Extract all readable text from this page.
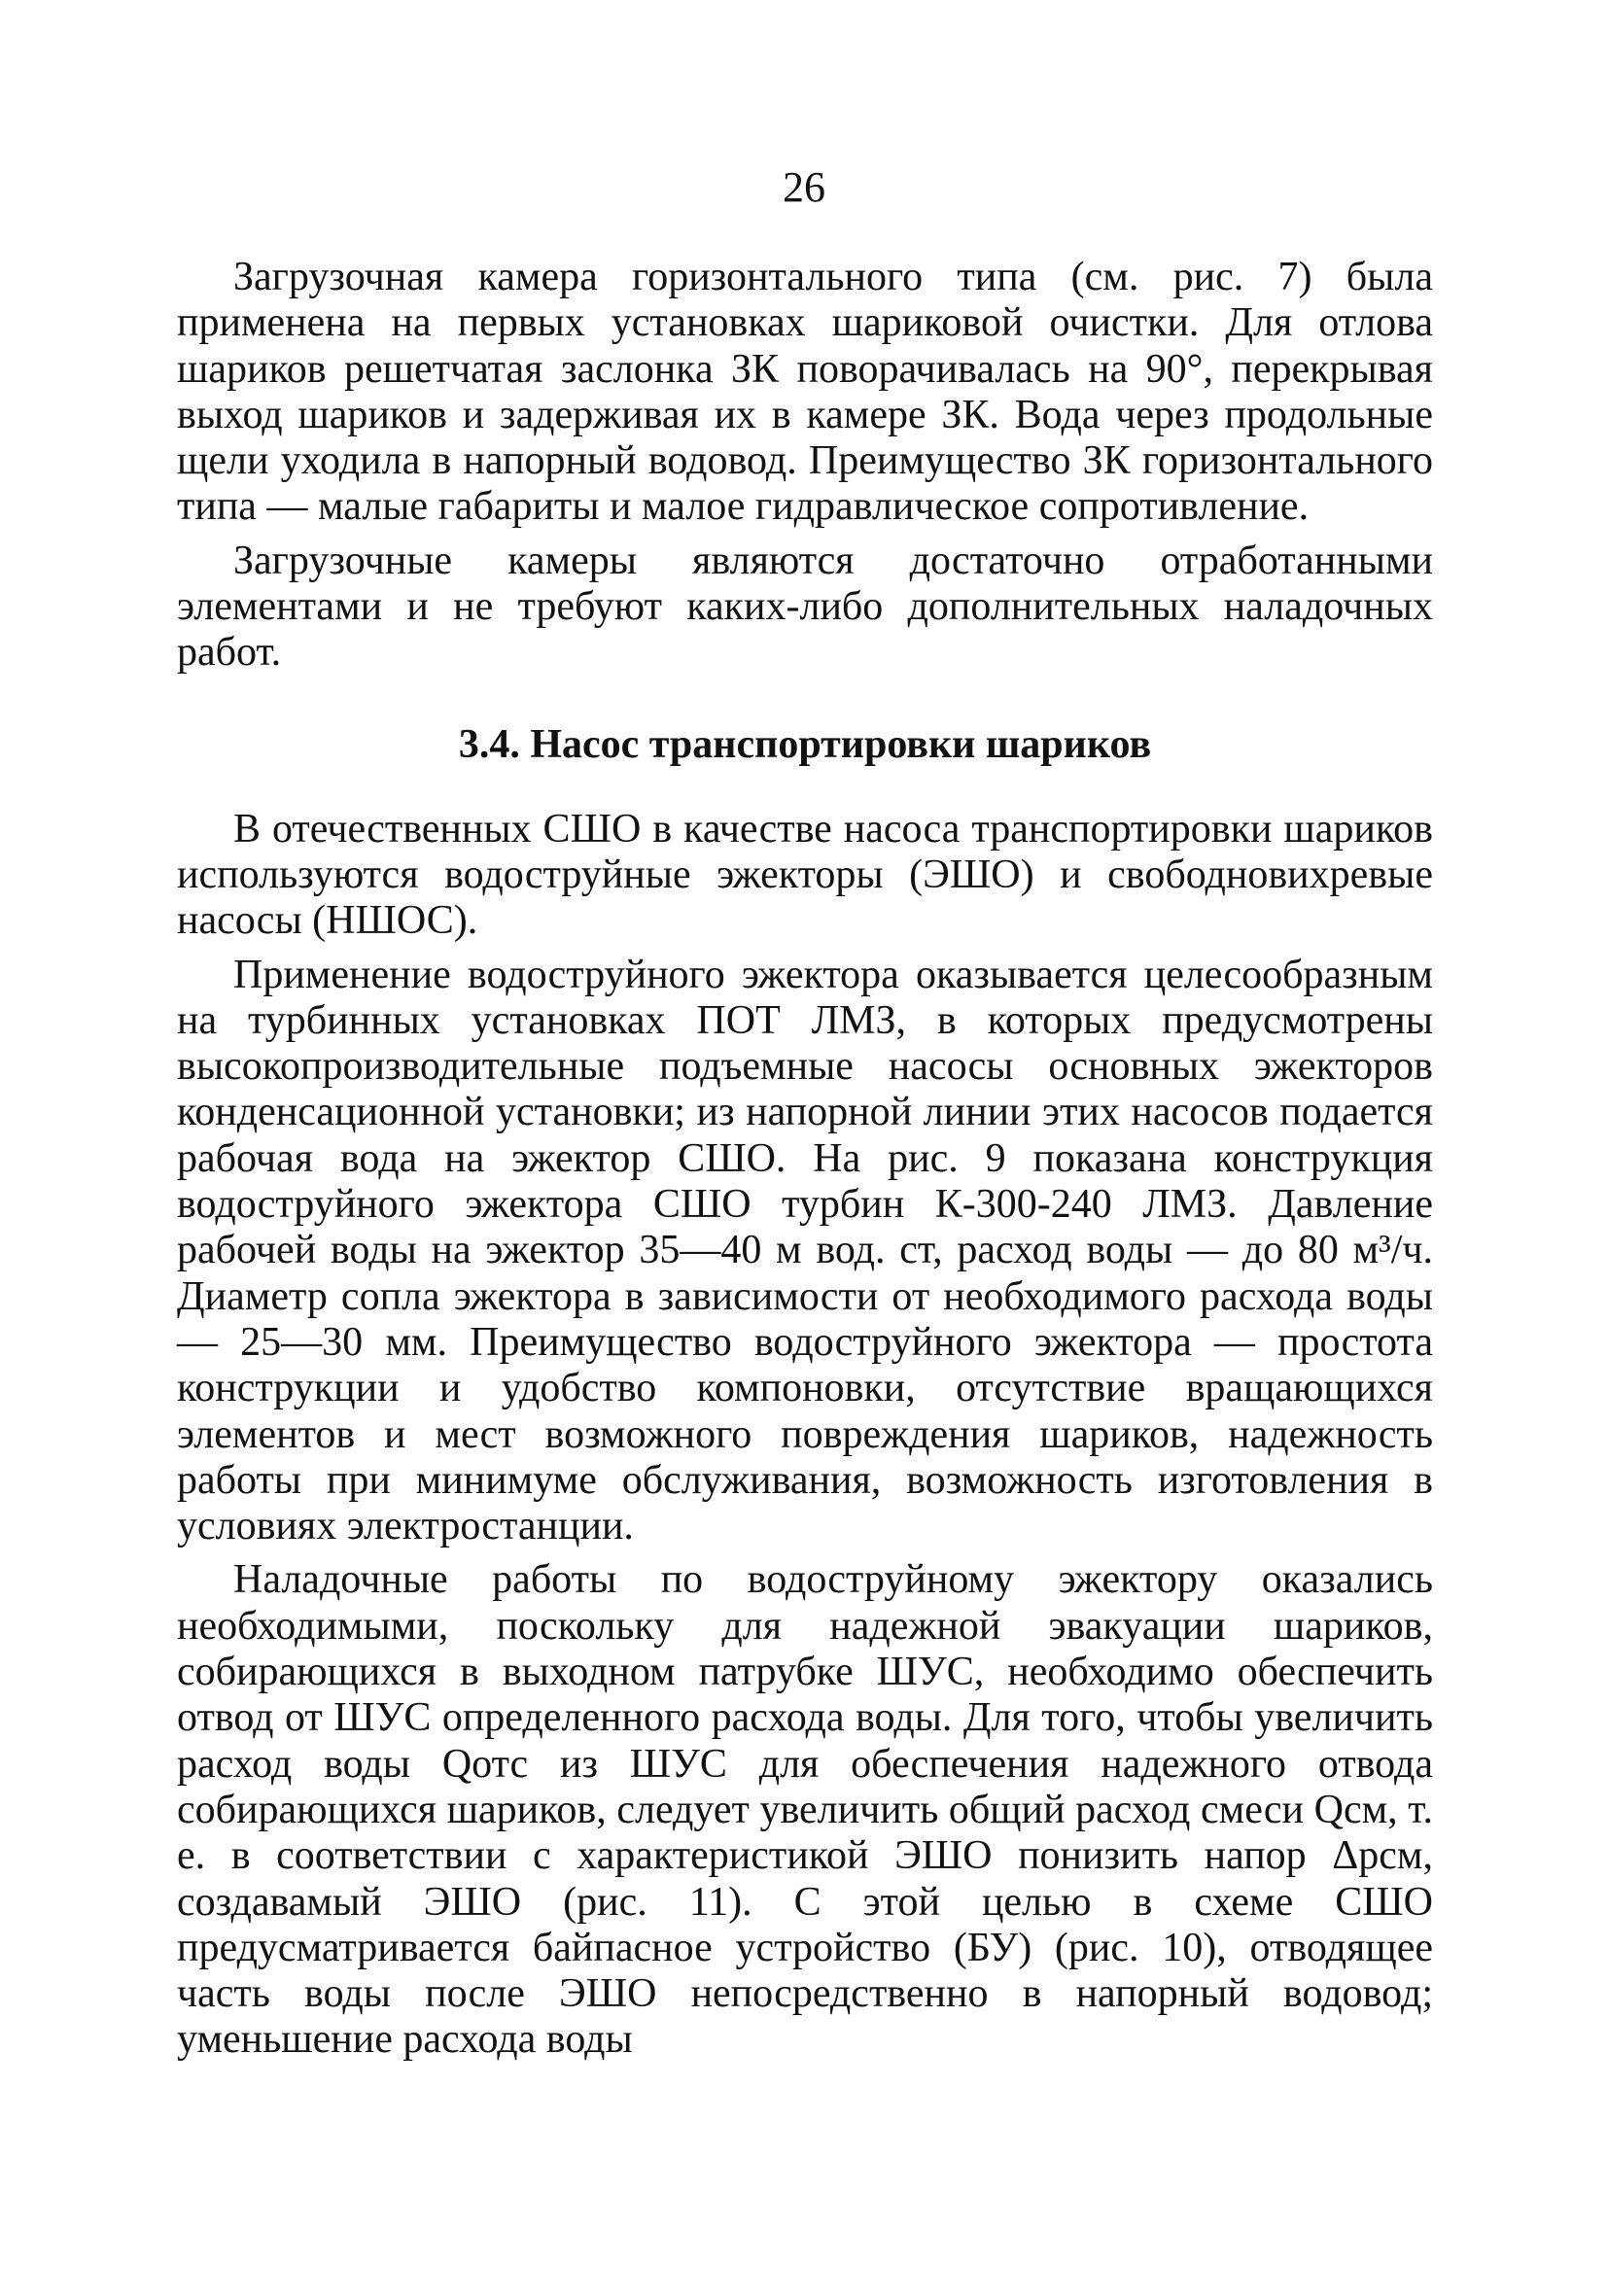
26

Загрузочная камера горизонтального типа (см. рис. 7) была применена на первых установках шариковой очистки. Для отлова шариков решетчатая заслонка ЗК поворачивалась на 90°, перекрывая выход шариков и задерживая их в камере ЗК. Вода через продольные щели уходила в напорный водовод. Преимущество ЗК горизонтального типа — малые габариты и малое гидравлическое сопротивление.

Загрузочные камеры являются достаточно отработанными элементами и не требуют каких-либо дополнительных наладочных работ.

3.4. Насос транспортировки шариков

В отечественных СШО в качестве насоса транспортировки шариков используются водоструйные эжекторы (ЭШО) и свободновихревые насосы (НШОС).

Применение водоструйного эжектора оказывается целесообразным на турбинных установках ПОТ ЛМЗ, в которых предусмотрены высокопроизводительные подъемные насосы основных эжекторов конденсационной установки; из напорной линии этих насосов подается рабочая вода на эжектор СШО. На рис. 9 показана конструкция водоструйного эжектора СШО турбин К-300-240 ЛМЗ. Давление рабочей воды на эжектор 35—40 м вод. ст, расход воды — до 80 м³/ч. Диаметр сопла эжектора в зависимости от необходимого расхода воды — 25—30 мм. Преимущество водоструйного эжектора — простота конструкции и удобство компоновки, отсутствие вращающихся элементов и мест возможного повреждения шариков, надежность работы при минимуме обслуживания, возможность изготовления в условиях электростанции.

Наладочные работы по водоструйному эжектору оказались необходимыми, поскольку для надежной эвакуации шариков, собирающихся в выходном патрубке ШУС, необходимо обеспечить отвод от ШУС определенного расхода воды. Для того, чтобы увеличить расход воды Qотс из ШУС для обеспечения надежного отвода собирающихся шариков, следует увеличить общий расход смеси Qсм, т. е. в соответствии с характеристикой ЭШО понизить напор Δpсм, создавамый ЭШО (рис. 11). С этой целью в схеме СШО предусматривается байпасное устройство (БУ) (рис. 10), отводящее часть воды после ЭШО непосредственно в напорный водовод; уменьшение расхода воды
